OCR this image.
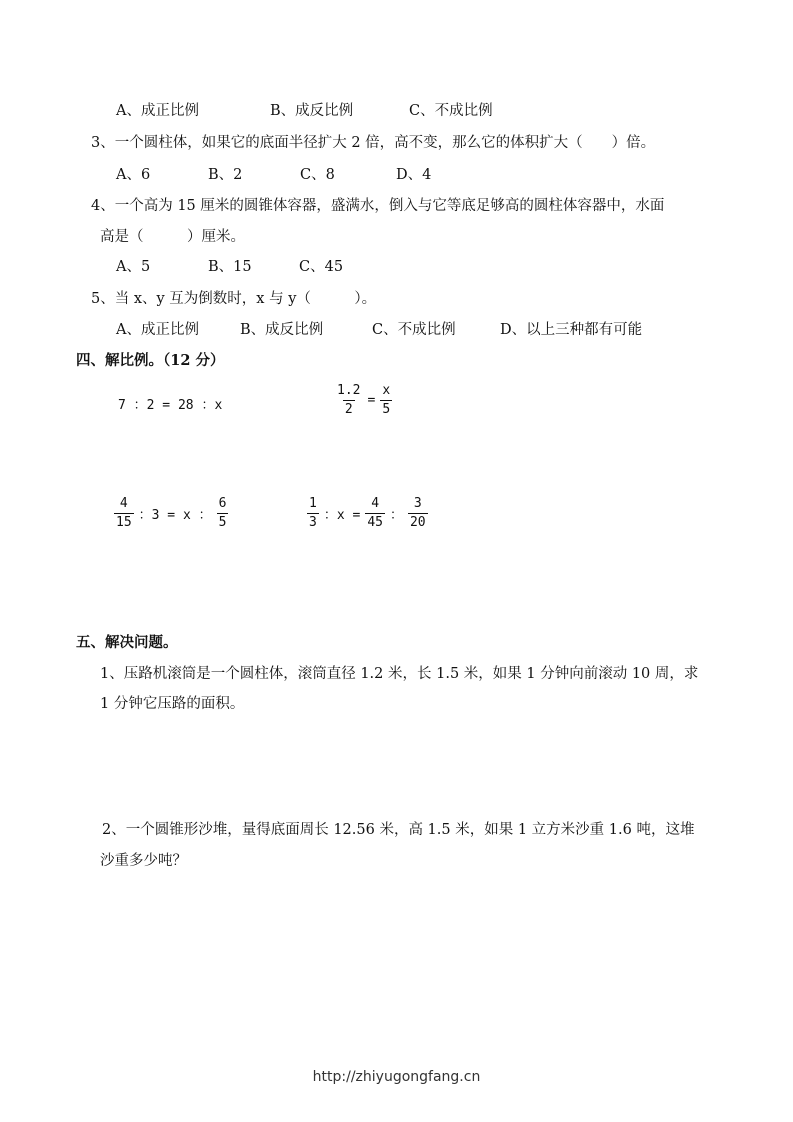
A、成正比例	B、成反比例	C、不成比例
3、一个圆柱体，如果它的底面半径扩大 2 倍，高不变，那么它的体积扩大（　　）倍。
A、6	B、2	C、8	D、4
4、一个高为 15 厘米的圆锥体容器，盛满水，倒入与它等底足够高的圆柱体容器中，水面
高是（　　　）厘米。
A、5	B、15	C、45
5、当 x、y 互为倒数时，x 与 y（　　　）。
A、成正比例	B、成反比例	C、不成比例	D、以上三种都有可能
四、解比例。（12 分）
7 ：2 = 28 ：x	$\frac{1.2}{2} = \frac{x}{5}$
$\frac{4}{15}$ ：3 = x ： $\frac{6}{5}$	$\frac{1}{3}$ ：$x = \frac{4}{45}$ ： $\frac{3}{20}$
五、解决问题。
1、压路机滚筒是一个圆柱体，滚筒直径 1.2 米，长 1.5 米，如果 1 分钟向前滚动 10 周，求
1 分钟它压路的面积。
2、一个圆锥形沙堆，量得底面周长 12.56 米，高 1.5 米，如果 1 立方米沙重 1.6 吨，这堆
沙重多少吨？
http://zhiyugongfang.cn
